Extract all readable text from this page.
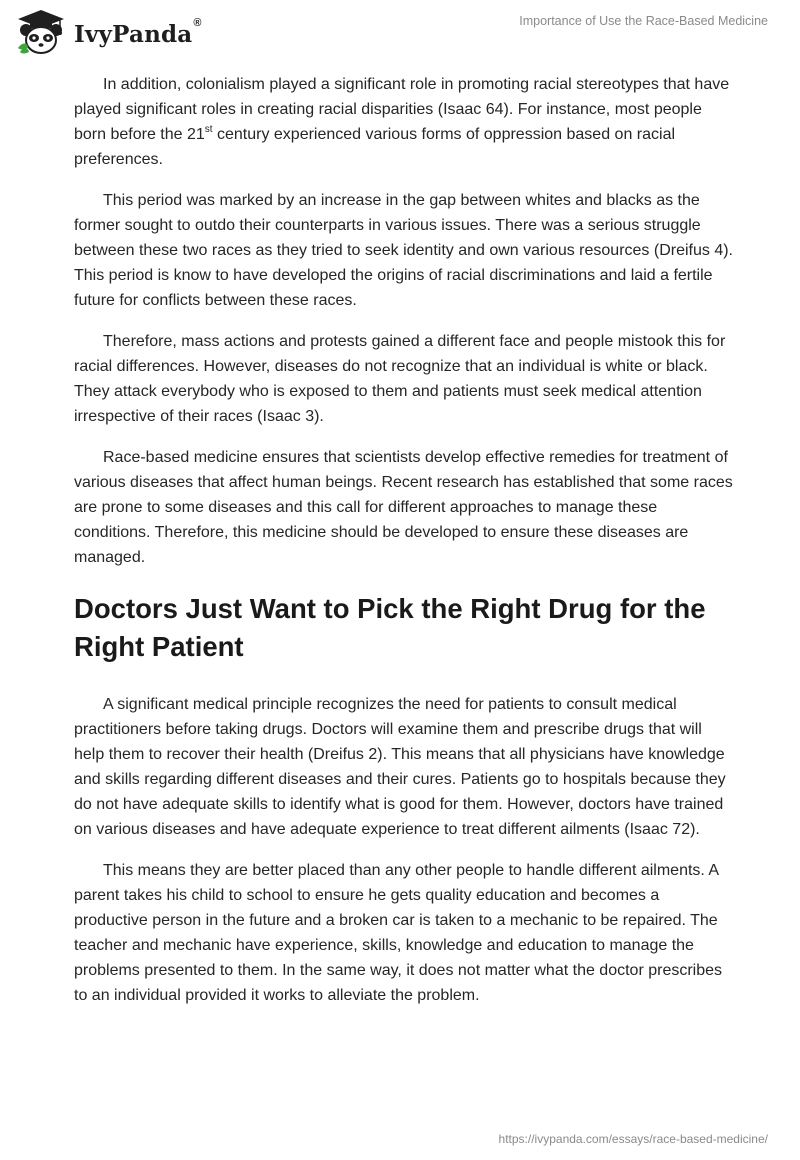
IvyPanda®	Importance of Use the Race-Based Medicine

In addition, colonialism played a significant role in promoting racial stereotypes that have played significant roles in creating racial disparities (Isaac 64). For instance, most people born before the 21st century experienced various forms of oppression based on racial preferences.

This period was marked by an increase in the gap between whites and blacks as the former sought to outdo their counterparts in various issues. There was a serious struggle between these two races as they tried to seek identity and own various resources (Dreifus 4). This period is know to have developed the origins of racial discriminations and laid a fertile future for conflicts between these races.

Therefore, mass actions and protests gained a different face and people mistook this for racial differences. However, diseases do not recognize that an individual is white or black. They attack everybody who is exposed to them and patients must seek medical attention irrespective of their races (Isaac 3).

Race-based medicine ensures that scientists develop effective remedies for treatment of various diseases that affect human beings. Recent research has established that some races are prone to some diseases and this call for different approaches to manage these conditions. Therefore, this medicine should be developed to ensure these diseases are managed.

Doctors Just Want to Pick the Right Drug for the Right Patient

A significant medical principle recognizes the need for patients to consult medical practitioners before taking drugs. Doctors will examine them and prescribe drugs that will help them to recover their health (Dreifus 2). This means that all physicians have knowledge and skills regarding different diseases and their cures. Patients go to hospitals because they do not have adequate skills to identify what is good for them. However, doctors have trained on various diseases and have adequate experience to treat different ailments (Isaac 72).

This means they are better placed than any other people to handle different ailments. A parent takes his child to school to ensure he gets quality education and becomes a productive person in the future and a broken car is taken to a mechanic to be repaired. The teacher and mechanic have experience, skills, knowledge and education to manage the problems presented to them. In the same way, it does not matter what the doctor prescribes to an individual provided it works to alleviate the problem.

https://ivypanda.com/essays/race-based-medicine/
